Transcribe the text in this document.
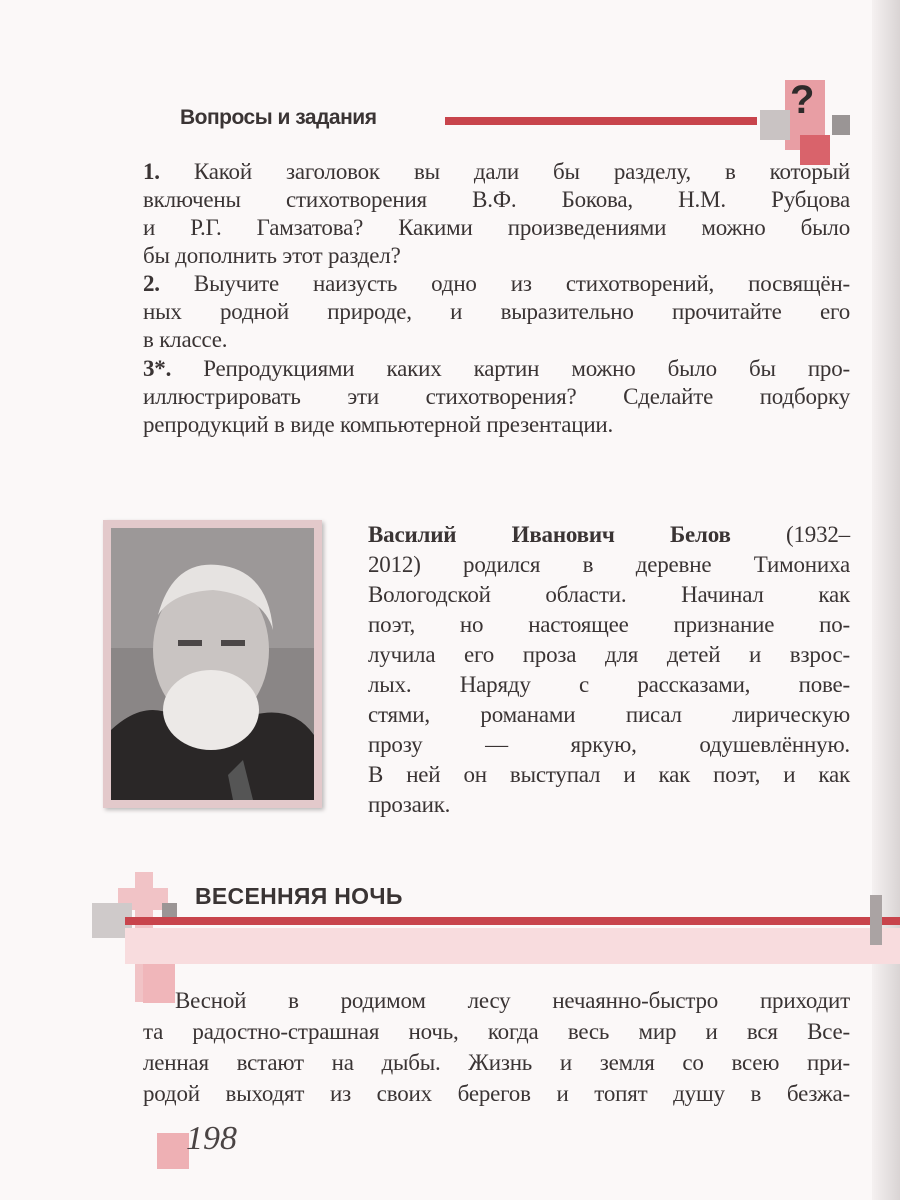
Вопросы и задания	?
1. Какой заголовок вы дали бы разделу, в который
включены стихотворения В.Ф. Бокова, Н.М. Рубцова
и Р.Г. Гамзатова? Какими произведениями можно было
бы дополнить этот раздел?
2. Выучите наизусть одно из стихотворений, посвящён-
ных родной природе, и выразительно прочитайте его
в классе.
3*. Репродукциями каких картин можно было бы про-
иллюстрировать эти стихотворения? Сделайте подборку
репродукций в виде компьютерной презентации.
Василий Иванович Белов (1932–
2012) родился в деревне Тимониха
Вологодской области. Начинал как
поэт, но настоящее признание по-
лучила его проза для детей и взрос-
лых. Наряду с рассказами, пове-
стями, романами писал лирическую
прозу — яркую, одушевлённую.
В ней он выступал и как поэт, и как
прозаик.
ВЕСЕННЯЯ НОЧЬ
Весной в родимом лесу нечаянно-быстро приходит
та радостно-страшная ночь, когда весь мир и вся Все-
ленная встают на дыбы. Жизнь и земля со всею при-
родой выходят из своих берегов и топят душу в безжа-
198
